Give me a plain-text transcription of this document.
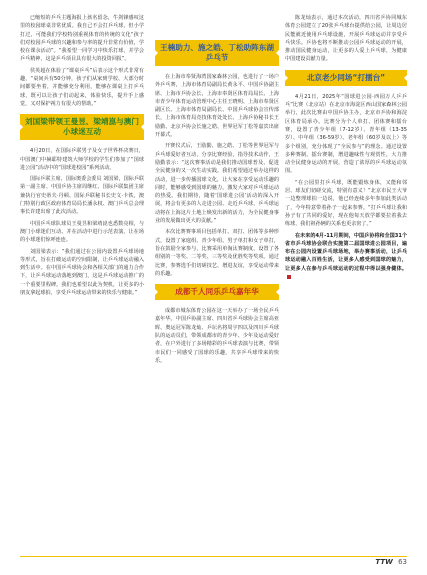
已缩短的乒乓主题海报上孩名留念，牛剑锋感叹这里的校园球桌非常优质。我自己不会打乒乓球，但小学打过，可能我们学校特别重视体育的传统的文化“孩子们对校园乒乓球的兴趣和参与率的提升非常有价值，学校在课余活动”。“我希望一同学习中快乐打球，并学会乒乓精神，这是乒乓项目具有很大的投资回报”。

侯英超在体验了“课桌乒乓”后表示这个形式非常有趣，“桌间兵有50分钟，孩子们从家到学校、大部分时间都要坐着，并能够充分利用，能够在课桌上打乒乓球，既可以让孩子们动起来，体验快乐，提升手上感觉，又对保护视力有很大的帮助。”

刘国梁带领王曼昱、梁靖崑与澳门小球迷互动

4月20日，在国际乒联男子及女子世界杯决赛日，中国澳门中赫耶特建筑大师学校的学生们参加了“国球进公园”活动中的“国球进校园”系列活动。

国际乒联主席、国际奥委会委员 刘国梁，国际乒联第一副主席、中国乒协主席周继红、国际乒联集团主席兼执行官史蒂夫·丹顿、国际乒联秘书长史文·卡铁，澳门特别行政区政府体育局局长潘永权、澳门乒乓总会理事长许建出席了此次活动。

中国乒乓球队球员王曼昱和梁靖崑也悉数亮相，与澳门小球迷们互动、并在活动中进行示范表演，让在场的小球迷们惊呼连连。

刘国梁表示：“我们通过在公园内设置乒乓球场地等形式，旨在打破运动的空间限制，让乒乓球运动融入到生活中。在中国乒乓球协会和各相关部门的通力合作下，让乒乓球运动落地到澳门，这是乒乓球运动推广的一个重要里程碑。我们也希望以此为契机，让更多的小朋友拿起球拍，享受乒乓球运动带来的快乐与健康。”

王楠助力、施之皓、丁松助阵东湖乒乓节

在上海市奉贤海湾国家森林公园，也进行了一场户外乒乓赛，上海市体育局副局长黄永平、中国乒协副主席、上海市乒协会长，上海市奉贤区体育局局长、上海市青少年体育运动管理中心主任王晓明、上海市奉贤区副区长、上海市体育局副局长、中国乒乓球协会宣传部长，上海市体育局竞技体育处处长、上海乒协秘书长王励勤、北京乒协会长施之皓、世界冠军丁松等嘉宾出席开幕式。

开赛仪式后，王励勤、施之皓、丁松等世界冠军与乒乓球爱好者互动，分享比赛经验，指导技术动作，王励勤表示：“这次赛事活动是我们推动国球普及、促进全民健身的又一次生动实践。我们希望通过举办这样的活动，进一步传播国球文化，让大家在享受运动乐趣的同时，能够感受到国球的魅力，激发大家对乒乓球运动的热爱。我们期待，随着‘国球进公园’活动的深入开展，将会有更多的人走进公园、走近乒乓球，乒乓球运动将在上海这片土地上焕发出新的活力，为全民健身事业的发展做出更大的贡献。”

本次比赛赛事项目包括单打、双打、团体等多种形式，设置了家庭组、青少年组、男子单打和女子单打，旨在鼓励全家参与，比赛采用单淘汰赛制度，设置了各组别的一等奖、二等奖、三等奖及优胜奖等奖项。通过比赛，参赛选手们切磋技艺、增进友谊，享受运动带来的乐趣。

成都千人同乐乒乓嘉年华

成都市城东体育公园在这一天举办了一场全民乒乓嘉年华。中国乒协副主席、四川省乒乓球协会主席高亚晖、奥运冠军陈龙灿、乒坛名将周宇四以及四川乒乓球队的运动员们，带领成都市的青少年、少年及运动爱好者，在户外进行了多场精彩的乒乓球表演与比赛，带领市民们一同感受了国球的乐趣，共享乒乓球带来的快乐。

陈龙灿表示，通过本次活动，四川省乒协同城东体育公园建立了20张乒乓球台提供给公园，让周边居民能就近使用乒乓球设施，开展乒乓球运动并享受乒乓快乐。乒协也将不断推动公园乒乓球运动的开展，推动国民健身运动，让更多的人爱上乒乓球，为健康中国建设贡献力量。

北京老少同场“打擂台”

4月21日，2025年“国球进公园·西园万人乒乒乓”比赛（北京站）在北京市海淀区西山国家森林公园举行，此次比赛由中国乒协主办，北京市乒协和海淀区体育局承办。比赛分为个人单打、团体赛和擂台赛，设置了青少年组（7-12岁）、青年组（13-35岁）、中年组（36-59岁）、老年组（60岁及以上）等多个组别，充分体现了“全民参与”的理念。通过设置多种赛制、擂台赛制，增进趣味性与观赏性，大力推动全民健身运动的开展，营造了浓厚的乒乓球运动氛围。

“在公园里打乒乓球，既能锻炼身体，又能和邻居、球友们切磋交流，特别有意义！”北京市民王大爷一边整理球拍一边说，他已经连续多年参加此类活动了，今年特意带着孙子一起来参赛。“打乒乓球让我和孙子有了共同的爱好，现在他每天放学都要拉着我去练球，我们祖孙俩的关系也更亲密了。”

在未来的4月-11月期间，中国乒协将和全国31个省市乒乓球协会联合实施第二届国球进公园项目，遍布在公园内设置乒乓球场地，举办赛事活动，让乒乓球运动融入百姓生活，让更多人感受到国球的魅力，让更多人在参与乒乓球运动的过程中得以强身健体。

TTW 63
